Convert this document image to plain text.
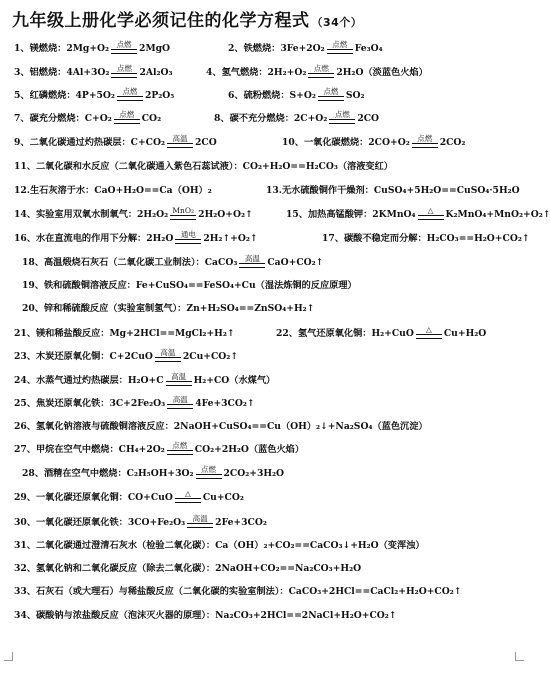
九年级上册化学必须记住的化学方程式 （34个）
1、镁燃烧：2Mg+O₂ 点燃 2MgO	2、铁燃烧：3Fe+2O₂ 点燃 Fe₃O₄
3、铝燃烧：4Al+3O₂ 点燃 2Al₂O₃	4、氢气燃烧：2H₂+O₂ 点燃 2H₂O（淡蓝色火焰）
5、红磷燃烧：4P+5O₂ 点燃 2P₂O₅	6、硫粉燃烧：S+O₂ 点燃 SO₂
7、碳充分燃烧：C+O₂ 点燃 CO₂	8、碳不充分燃烧：2C+O₂ 点燃 2CO
9、二氧化碳通过灼热碳层：C+CO₂ 高温 2CO	10、一氧化碳燃烧：2CO+O₂ 点燃 2CO₂
11、二氧化碳和水反应（二氧化碳通入紫色石蕊试液）：CO₂+H₂O==H₂CO₃（溶液变红）
12.生石灰溶于水：CaO+H₂O==Ca（OH）₂	13.无水硫酸铜作干燥剂：CuSO₄+5H₂O==CuSO₄·5H₂O
14、实验室用双氧水制氧气：2H₂O₂ MnO₂ 2H₂O+O₂↑	15、加热高锰酸钾：2KMnO₄ △ K₂MnO₄+MnO₂+O₂↑
16、水在直流电的作用下分解：2H₂O 通电 2H₂↑+O₂↑	17、碳酸不稳定而分解：H₂CO₃==H₂O+CO₂↑
18、高温煅烧石灰石（二氧化碳工业制法）：CaCO₃ 高温 CaO+CO₂↑
19、铁和硫酸铜溶液反应：Fe+CuSO₄==FeSO₄+Cu（湿法炼铜的反应原理）
20、锌和稀硫酸反应（实验室制氢气）：Zn+H₂SO₄==ZnSO₄+H₂↑
21、镁和稀盐酸反应：Mg+2HCl==MgCl₂+H₂↑	22、氢气还原氧化铜：H₂+CuO △ Cu+H₂O
23、木炭还原氧化铜：C+2CuO 高温 2Cu+CO₂↑
24、水蒸气通过灼热碳层：H₂O+C 高温 H₂+CO（水煤气）
25、焦炭还原氧化铁：3C+2Fe₂O₃ 高温 4Fe+3CO₂↑
26、氢氧化钠溶液与硫酸铜溶液反应：2NaOH+CuSO₄==Cu（OH）₂↓+Na₂SO₄（蓝色沉淀）
27、甲烷在空气中燃烧：CH₄+2O₂ 点燃 CO₂+2H₂O（蓝色火焰）
28、酒精在空气中燃烧：C₂H₅OH+3O₂ 点燃 2CO₂+3H₂O
29、一氧化碳还原氧化铜：CO+CuO △ Cu+CO₂
30、一氧化碳还原氧化铁：3CO+Fe₂O₃ 高温 2Fe+3CO₂
31、二氧化碳通过澄清石灰水（检验二氧化碳）：Ca（OH）₂+CO₂==CaCO₃↓+H₂O（变浑浊）
32、氢氧化钠和二氧化碳反应（除去二氧化碳）：2NaOH+CO₂==Na₂CO₃+H₂O
33、石灰石（或大理石）与稀盐酸反应（二氧化碳的实验室制法）：CaCO₃+2HCl==CaCl₂+H₂O+CO₂↑
34、碳酸钠与浓盐酸反应（泡沫灭火器的原理）：Na₂CO₃+2HCl==2NaCl+H₂O+CO₂↑
